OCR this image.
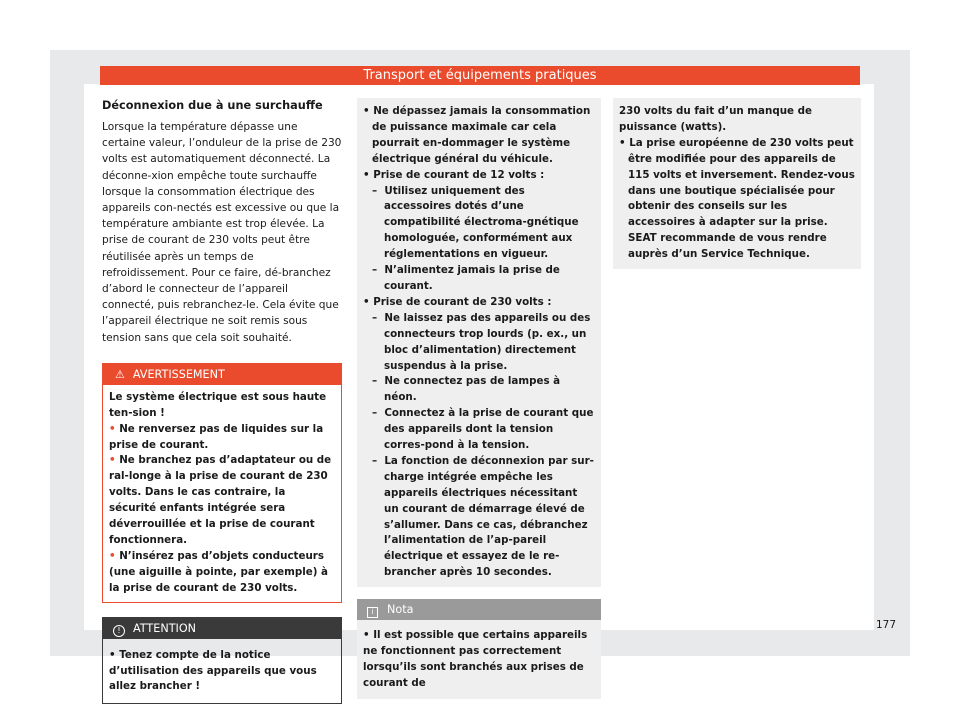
Transport et équipements pratiques
Déconnexion due à une surchauffe

Lorsque la température dépasse une certaine valeur, l’onduleur de la prise de 230 volts est automatiquement déconnecté. La déconne-xion empêche toute surchauffe lorsque la consommation électrique des appareils con-nectés est excessive ou que la température ambiante est trop élevée. La prise de courant de 230 volts peut être réutilisée après un temps de refroidissement. Pour ce faire, dé-branchez d’abord le connecteur de l’appareil connecté, puis rebranchez-le. Cela évite que l’appareil électrique ne soit remis sous tension sans que cela soit souhaité.

⚠ AVERTISSEMENT

Le système électrique est sous haute ten-sion !

• Ne renversez pas de liquides sur la prise de courant.

• Ne branchez pas d’adaptateur ou de ral-longe à la prise de courant de 230 volts. Dans le cas contraire, la sécurité enfants intégrée sera déverrouillée et la prise de courant fonctionnera.

• N’insérez pas d’objets conducteurs (une aiguille à pointe, par exemple) à la prise de courant de 230 volts.

! ATTENTION
• Tenez compte de la notice d’utilisation des appareils que vous allez brancher !

• Ne dépassez jamais la consommation de puissance maximale car cela pourrait en-dommager le système électrique général du véhicule.

• Prise de courant de 12 volts :

– Utilisez uniquement des accessoires dotés d’une compatibilité électroma-gnétique homologuée, conformément aux réglementations en vigueur.

– N’alimentez jamais la prise de courant.

• Prise de courant de 230 volts :

– Ne laissez pas des appareils ou des connecteurs trop lourds (p. ex., un bloc d’alimentation) directement suspendus à la prise.

– Ne connectez pas de lampes à néon.

– Connectez à la prise de courant que des appareils dont la tension corres-pond à la tension.

– La fonction de déconnexion par sur-charge intégrée empêche les appareils électriques nécessitant un courant de démarrage élevé de s’allumer. Dans ce cas, débranchez l’alimentation de l’ap-pareil électrique et essayez de le re-brancher après 10 secondes.

i Nota
• Il est possible que certains appareils ne fonctionnent pas correctement lorsqu’ils sont branchés aux prises de courant de

230 volts du fait d’un manque de puissance (watts).

• La prise européenne de 230 volts peut être modifiée pour des appareils de 115 volts et inversement. Rendez-vous dans une boutique spécialisée pour obtenir des conseils sur les accessoires à adapter sur la prise. SEAT recommande de vous rendre auprès d’un Service Technique.

177
